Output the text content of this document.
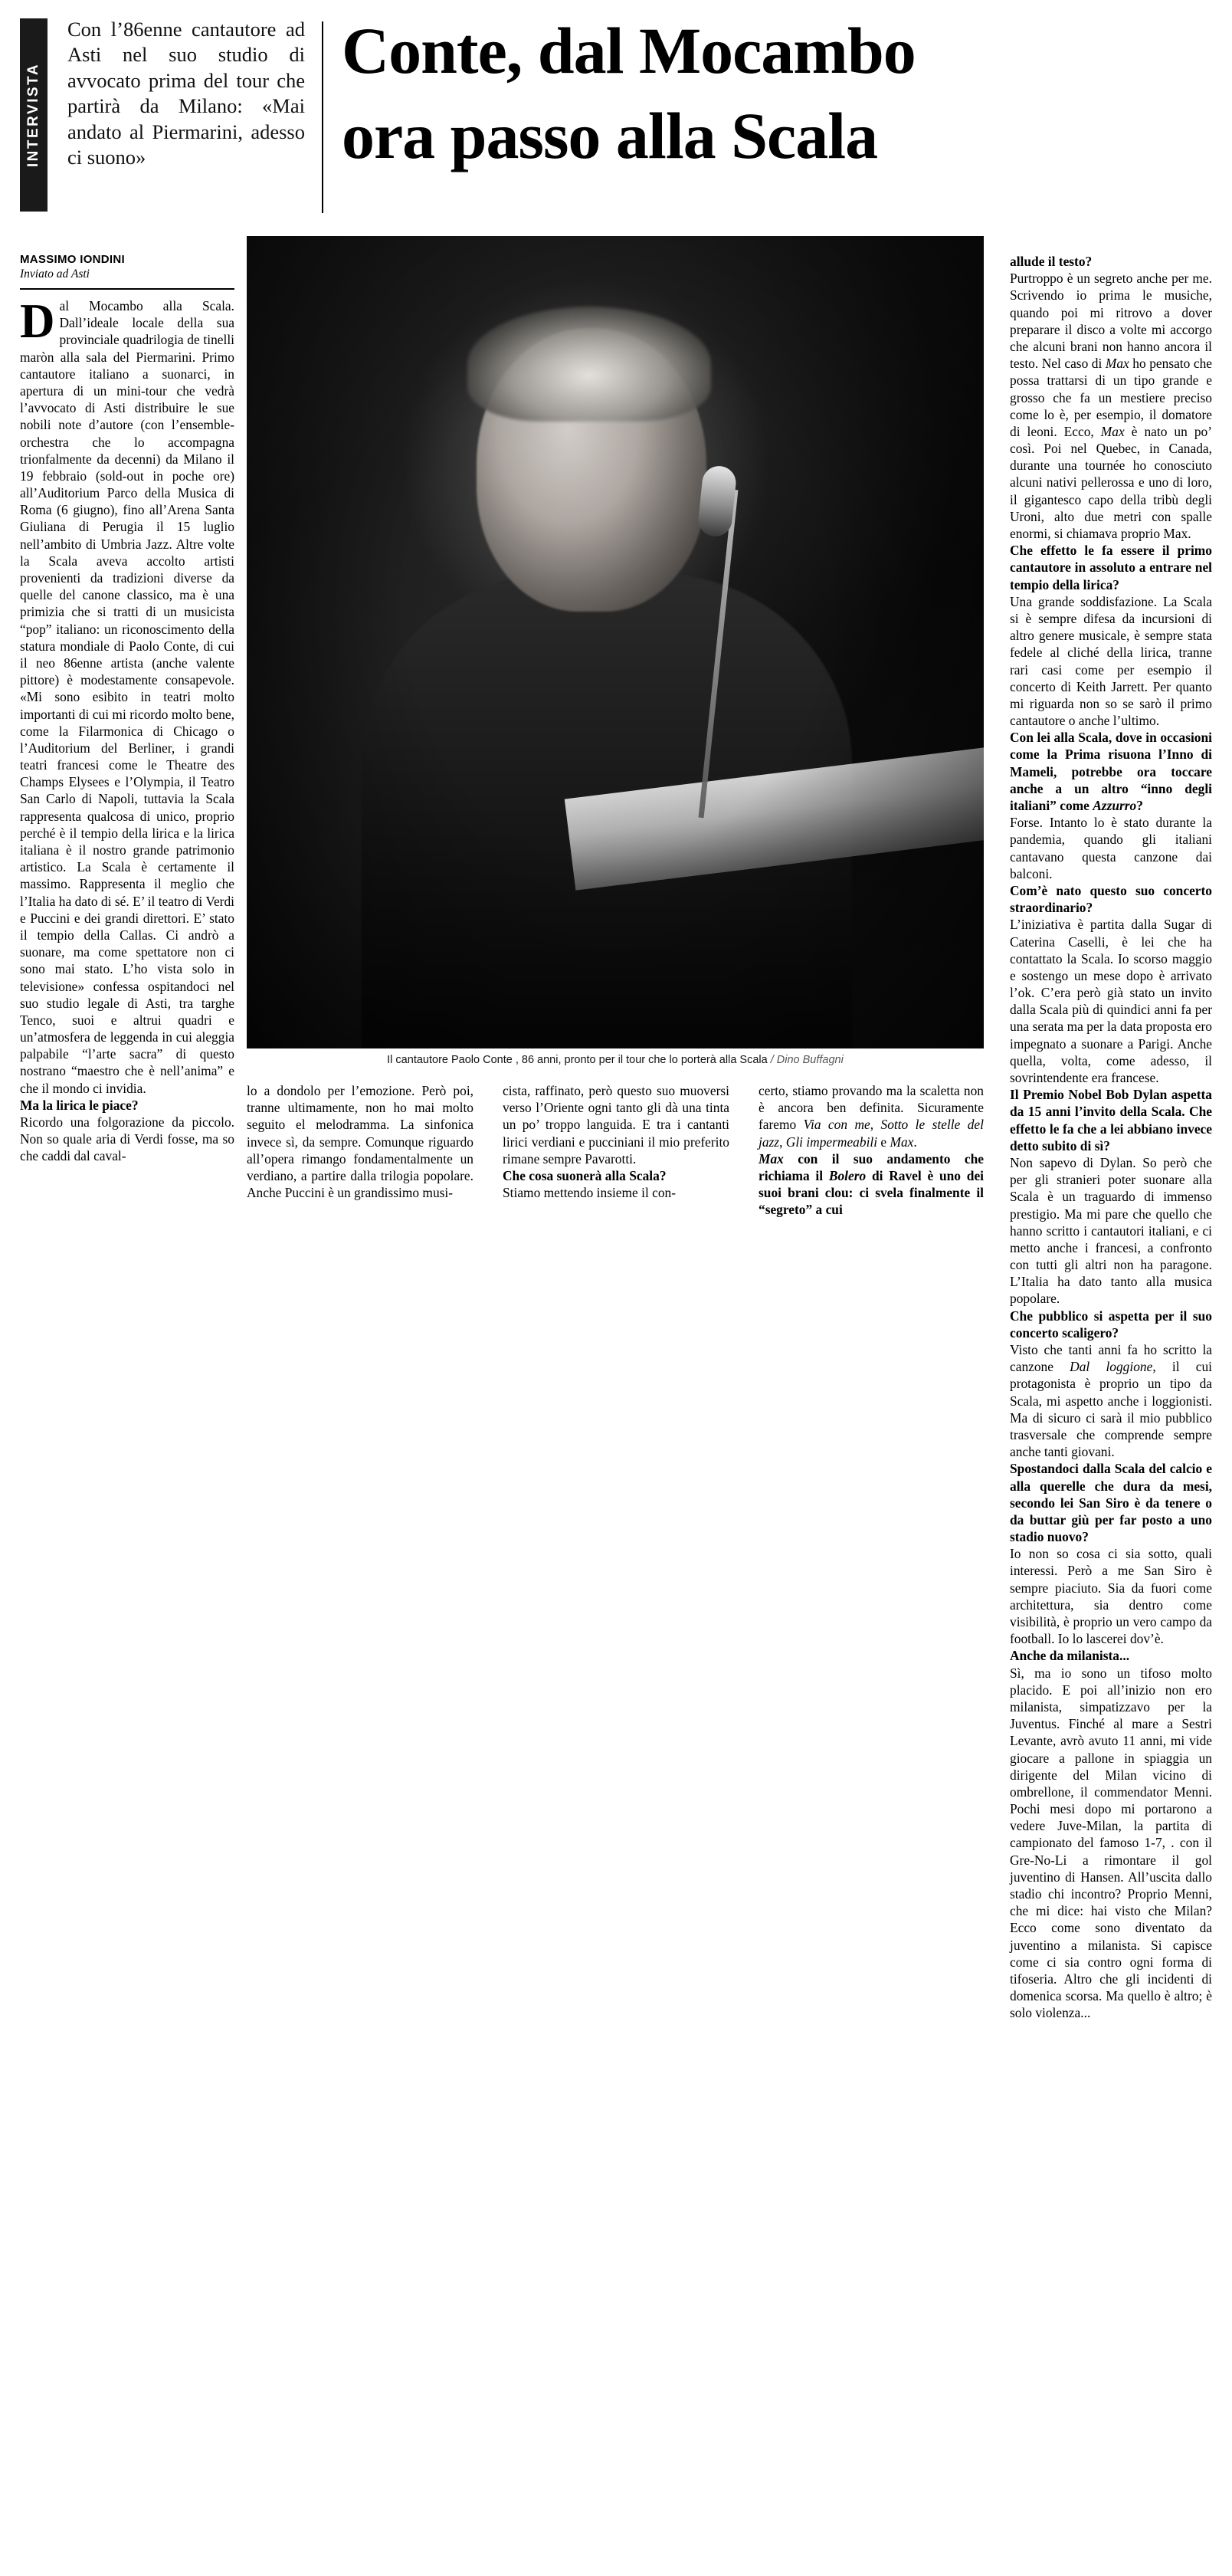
INTERVISTA
Con l’86enne cantautore ad Asti nel suo studio di avvocato prima del tour che partirà da Milano: «Mai andato al Piermarini, adesso ci suono»
Conte, dal Mocambo
ora passo alla Scala
MASSIMO IONDINI
Inviato ad Asti
Il cantautore Paolo Conte , 86 anni, pronto per il tour che lo porterà alla Scala / Dino Buffagni

Dal Mocambo alla Scala. Dall’ideale locale della sua provinciale quadrilogia de tinelli maròn alla sala del Piermarini. Primo cantautore italiano a suonarci, in apertura di un mini-tour che vedrà l’avvocato di Asti distribuire le sue nobili note d’autore (con l’ensemble-orchestra che lo accompagna trionfalmente da decenni) da Milano il 19 febbraio (sold-out in poche ore) all’Auditorium Parco della Musica di Roma (6 giugno), fino all’Arena Santa Giuliana di Perugia il 15 luglio nell’ambito di Umbria Jazz. Altre volte la Scala aveva accolto artisti provenienti da tradizioni diverse da quelle del canone classico, ma è una primizia che si tratti di un musicista “pop” italiano: un riconoscimento della statura mondiale di Paolo Conte, di cui il neo 86enne artista (anche valente pittore) è modestamente consapevole. «Mi sono esibito in teatri molto importanti di cui mi ricordo molto bene, come la Filarmonica di Chicago o l’Auditorium del Berliner, i grandi teatri francesi come le Theatre des Champs Elysees e l’Olympia, il Teatro San Carlo di Napoli, tuttavia la Scala rappresenta qualcosa di unico, proprio perché è il tempio della lirica e la lirica italiana è il nostro grande patrimonio artistico. La Scala è certamente il massimo. Rappresenta il meglio che l’Italia ha dato di sé. E’ il teatro di Verdi e Puccini e dei grandi direttori. E’ stato il tempio della Callas. Ci andrò a suonare, ma come spettatore non ci sono mai stato. L’ho vista solo in televisione» confessa ospitandoci nel suo studio legale di Asti, tra targhe Tenco, suoi e altrui quadri e un’atmosfera de leggenda in cui aleggia palpabile “l’arte sacra” di questo nostrano “maestro che è nell’anima” e che il mondo ci invidia.

Ma la lirica le piace?

Ricordo una folgorazione da piccolo. Non so quale aria di Verdi fosse, ma so che caddi dal caval-

lo a dondolo per l’emozione. Però poi, tranne ultimamente, non ho mai molto seguito el melodramma. La sinfonica invece sì, da sempre. Comunque riguardo all’opera rimango fondamentalmente un verdiano, a partire dalla trilogia popolare. Anche Puccini è un grandissimo musi-

cista, raffinato, però questo suo muoversi verso l’Oriente ogni tanto gli dà una tinta un po’ troppo languida. E tra i cantanti lirici verdiani e pucciniani il mio preferito rimane sempre Pavarotti.

Che cosa suonerà alla Scala?

Stiamo mettendo insieme il con-

certo, stiamo provando ma la scaletta non è ancora ben definita. Sicuramente faremo Via con me, Sotto le stelle del jazz, Gli impermeabili e Max.

Max con il suo andamento che richiama il Bolero di Ravel è uno dei suoi brani clou: ci svela finalmente il “segreto” a cui

allude il testo?

Purtroppo è un segreto anche per me. Scrivendo io prima le musiche, quando poi mi ritrovo a dover preparare il disco a volte mi accorgo che alcuni brani non hanno ancora il testo. Nel caso di Max ho pensato che possa trattarsi di un tipo grande e grosso che fa un mestiere preciso come lo è, per esempio, il domatore di leoni. Ecco, Max è nato un po’ così. Poi nel Quebec, in Canada, durante una tournée ho conosciuto alcuni nativi pellerossa e uno di loro, il gigantesco capo della tribù degli Uroni, alto due metri con spalle enormi, si chiamava proprio Max.

Che effetto le fa essere il primo cantautore in assoluto a entrare nel tempio della lirica?

Una grande soddisfazione. La Scala si è sempre difesa da incursioni di altro genere musicale, è sempre stata fedele al cliché della lirica, tranne rari casi come per esempio il concerto di Keith Jarrett. Per quanto mi riguarda non so se sarò il primo cantautore o anche l’ultimo.

Con lei alla Scala, dove in occasioni come la Prima risuona l’Inno di Mameli, potrebbe ora toccare anche a un altro “inno degli italiani” come Azzurro?

Forse. Intanto lo è stato durante la pandemia, quando gli italiani cantavano questa canzone dai balconi.

Com’è nato questo suo concerto straordinario?

L’iniziativa è partita dalla Sugar di Caterina Caselli, è lei che ha contattato la Scala. Io scorso maggio e sostengo un mese dopo è arrivato l’ok. C’era però già stato un invito dalla Scala più di quindici anni fa per una serata ma per la data proposta ero impegnato a suonare a Parigi. Anche quella, volta, come adesso, il sovrintendente era francese.

Il Premio Nobel Bob Dylan aspetta da 15 anni l’invito della Scala. Che effetto le fa che a lei abbiano invece detto subito di sì?

Non sapevo di Dylan. So però che per gli stranieri poter suonare alla Scala è un traguardo di immenso prestigio. Ma mi pare che quello che hanno scritto i cantautori italiani, e ci metto anche i francesi, a confronto con tutti gli altri non ha paragone. L’Italia ha dato tanto alla musica popolare.

Che pubblico si aspetta per il suo concerto scaligero?

Visto che tanti anni fa ho scritto la canzone Dal loggione, il cui protagonista è proprio un tipo da Scala, mi aspetto anche i loggionisti. Ma di sicuro ci sarà il mio pubblico trasversale che comprende sempre anche tanti giovani.

Spostandoci dalla Scala del calcio e alla querelle che dura da mesi, secondo lei San Siro è da tenere o da buttar giù per far posto a uno stadio nuovo?

Io non so cosa ci sia sotto, quali interessi. Però a me San Siro è sempre piaciuto. Sia da fuori come architettura, sia dentro come visibilità, è proprio un vero campo da football. Io lo lascerei dov’è.

Anche da milanista...

Sì, ma io sono un tifoso molto placido. E poi all’inizio non ero milanista, simpatizzavo per la Juventus. Finché al mare a Sestri Levante, avrò avuto 11 anni, mi vide giocare a pallone in spiaggia un dirigente del Milan vicino di ombrellone, il commendator Menni. Pochi mesi dopo mi portarono a vedere Juve-Milan, la partita di campionato del famoso 1-7, . con il Gre-No-Li a rimontare il gol juventino di Hansen. All’uscita dallo stadio chi incontro? Proprio Menni, che mi dice: hai visto che Milan? Ecco come sono diventato da juventino a milanista. Si capisce come ci sia contro ogni forma di tifoseria. Altro che gli incidenti di domenica scorsa. Ma quello è altro; è solo violenza...
